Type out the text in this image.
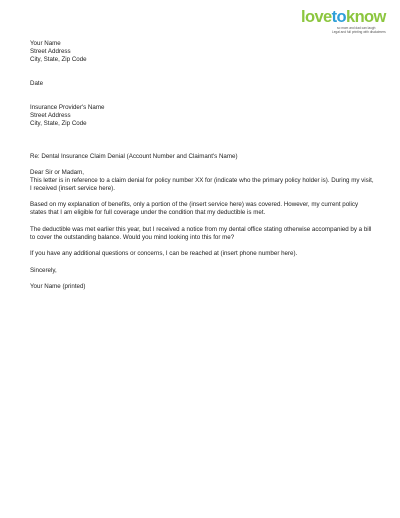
lovetoknow
so mom and dad can laugh
Legal and full printing with disclaimers
Your Name
Street Address
City, State, Zip Code
Date
Insurance Provider's Name
Street Address
City, State, Zip Code
Re: Dental Insurance Claim Denial (Account Number and Claimant's Name)
Dear Sir or Madam,

This letter is in reference to a claim denial for policy number XX for (indicate who the primary policy holder is). During my visit, I received (insert service here).

Based on my explanation of benefits, only a portion of the (insert service here) was covered. However, my current policy states that I am eligible for full coverage under the condition that my deductible is met.

The deductible was met earlier this year, but I received a notice from my dental office stating otherwise accompanied by a bill to cover the outstanding balance. Would you mind looking into this for me?

If you have any additional questions or concerns, I can be reached at (insert phone number here).

Sincerely,
Your Name (printed)
